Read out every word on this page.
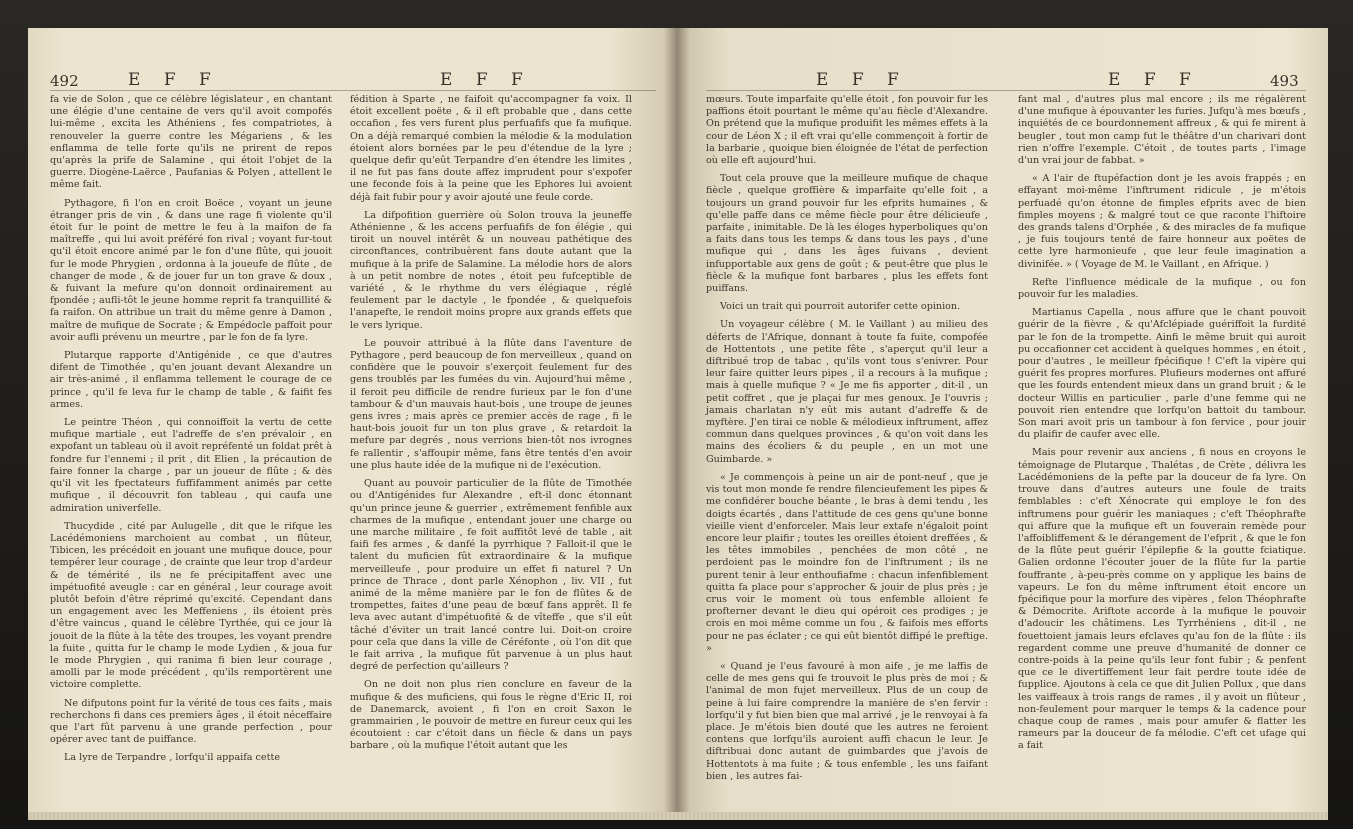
492	E F F	E F F

fa vie de Solon , que ce célèbre législateur , en chantant une élégie d'une centaine de vers qu'il avoit compofés lui-même , excita les Athéniens , fes compatriotes, à renouveler la guerre contre les Mégariens , & les enflamma de telle forte qu'ils ne prirent de repos qu'après la prife de Salamine , qui étoit l'objet de la guerre. Diogène-Laërce , Paufanias & Polyen , attellent le même fait.

Pythagore, fi l'on en croit Boëce , voyant un jeune étranger pris de vin , & dans une rage fi violente qu'il étoit fur le point de mettre le feu à la maifon de fa maîtreffe , qui lui avoit préféré fon rival ; voyant fur-tout qu'il étoit encore animé par le fon d'une flûte, qui jouoit fur le mode Phrygien , ordonna à la joueufe de flûte , de changer de mode , & de jouer fur un ton grave & doux , & fuivant la mefure qu'on donnoit ordinairement au fpondée ; aufli-tôt le jeune homme reprit fa tranquillité & fa raifon. On attribue un trait du même genre à Damon , maître de mufique de Socrate ; & Empédocle paffoit pour avoir aufli prévenu un meurtre , par le fon de fa lyre.

Plutarque rapporte d'Antigénide , ce que d'autres difent de Timothée , qu'en jouant devant Alexandre un air très-animé , il enflamma tellement le courage de ce prince , qu'il fe leva fur le champ de table , & faifit fes armes.

Le peintre Théon , qui connoiffoit la vertu de cette mufique martiale , eut l'adreffe de s'en prévaloir , en expofant un tableau où il avoit repréfenté un foldat prêt à fondre fur l'ennemi ; il prit , dit Elien , la précaution de faire fonner la charge , par un joueur de flûte ; & dès qu'il vit les fpectateurs fuffifamment animés par cette mufique , il découvrit fon tableau , qui caufa une admiration univerfelle.

Thucydide , cité par Aulugelle , dit que le rifque les Lacédémoniens marchoient au combat , un flûteur, Tibicen, les précédoit en jouant une mufique douce, pour tempérer leur courage , de crainte que leur trop d'ardeur & de témérité , ils ne fe précipitaffent avec une impétuofité aveugle : car en général , leur courage avoit plutôt befoin d'être réprimé qu'excité. Cependant dans un engagement avec les Meffeniens , ils étoient près d'être vaincus , quand le célèbre Tyrthée, qui ce jour là jouoit de la flûte à la tête des troupes, les voyant prendre la fuite , quitta fur le champ le mode Lydien , & joua fur le mode Phrygien , qui ranima fi bien leur courage , amolli par le mode précédent , qu'ils remportèrent une victoire complette.

Ne difputons point fur la vérité de tous ces faits , mais recherchons fi dans ces premiers âges , il étoit néceffaire que l'art fût parvenu à une grande perfection , pour opérer avec tant de puiffance.

La lyre de Terpandre , lorfqu'il appaifa cette

fédition à Sparte , ne faifoit qu'accompagner fa voix. Il étoit excellent poëte , & il eft probable que , dans cette occafion , fes vers furent plus perfuafifs que fa mufique. On a déjà remarqué combien la mélodie & la modulation étoient alors bornées par le peu d'étendue de la lyre ; quelque defir qu'eût Terpandre d'en étendre les limites , il ne fut pas fans doute affez imprudent pour s'expofer une feconde fois à la peine que les Ephores lui avoient déjà fait fubir pour y avoir ajouté une feule corde.

La difpofition guerrière où Solon trouva la jeuneffe Athénienne , & les accens perfuafifs de fon élégie , qui tiroit un nouvel intérêt & un nouveau pathétique des circonftances, contribuèrent fans doute autant que la mufique à la prife de Salamine. La mélodie hors de alors à un petit nombre de notes , étoit peu fufceptible de variété , & le rhythme du vers élégiaque , réglé feulement par le dactyle , le fpondée , & quelquefois l'anapefte, le rendoit moins propre aux grands effets que le vers lyrique.

Le pouvoir attribué à la flûte dans l'aventure de Pythagore , perd beaucoup de fon merveilleux , quand on confidère que le pouvoir s'exerçoit feulement fur des gens troublés par les fumées du vin. Aujourd'hui même , il feroit peu difficile de rendre furieux par le fon d'une tambour & d'un mauvais haut-bois , une troupe de jeunes gens ivres ; mais après ce premier accès de rage , fi le haut-bois jouoit fur un ton plus grave , & retardoit la mefure par degrés , nous verrions bien-tôt nos ivrognes fe rallentir , s'affoupir même, fans être tentés d'en avoir une plus haute idée de la mufique ni de l'exécution.

Quant au pouvoir particulier de la flûte de Timothée ou d'Antigénides fur Alexandre , eft-il donc étonnant qu'un prince jeune & guerrier , extrêmement fenfible aux charmes de la mufique , entendant jouer une charge ou une marche militaire , fe foit auffitôt levé de table , ait faifi fes armes , & danfé la pyrrhique ? Falloit-il que le talent du muficien fût extraordinaire & la mufique merveilleufe , pour produire un effet fi naturel ? Un prince de Thrace , dont parle Xénophon , liv. VII , fut animé de la même manière par le fon de flûtes & de trompettes, faites d'une peau de bœuf fans apprêt. Il fe leva avec autant d'impétuofité & de vîteffe , que s'il eût tâché d'éviter un trait lancé contre lui. Doit-on croire pour cela que dans la ville de Céréfonte , où l'on dit que le fait arriva , la mufique fût parvenue à un plus haut degré de perfection qu'ailleurs ?

On ne doit non plus rien conclure en faveur de la mufique & des muficiens, qui fous le règne d'Eric II, roi de Danemarck, avoient , fi l'on en croit Saxon le grammairien , le pouvoir de mettre en fureur ceux qui les écoutoient : car c'étoit dans un fiècle & dans un pays barbare , où la mufique l'étoit autant que les

E F F	E F F	493

mœurs. Toute imparfaite qu'elle étoit , fon pouvoir fur les paffions étoit pourtant le même qu'au fiècle d'Alexandre. On prétend que la mufique produifit les mêmes effets à la cour de Léon X ; il eft vrai qu'elle commençoit à fortir de la barbarie , quoique bien éloignée de l'état de perfection où elle eft aujourd'hui.

Tout cela prouve que la meilleure mufique de chaque fiècle , quelque groffière & imparfaite qu'elle foit , a toujours un grand pouvoir fur les efprits humaines , & qu'elle paffe dans ce même fiècle pour être délicieufe , parfaite , inimitable. De là les éloges hyperboliques qu'on a faits dans tous les temps & dans tous les pays , d'une mufique qui , dans les âges fuivans , devient infupportable aux gens de goût ; & peut-être que plus le fiècle & la mufique font barbares , plus les effets font puiffans.

Voici un trait qui pourroit autorifer cette opinion.

Un voyageur célèbre ( M. le Vaillant ) au milieu des déferts de l'Afrique, donnant à toute fa fuite, compofée de Hottentots , une petite fête , s'aperçut qu'il leur a diftribué trop de tabac , qu'ils vont tous s'enivrer. Pour leur faire quitter leurs pipes , il a recours à la mufique ; mais à quelle mufique ? « Je me fis apporter , dit-il , un petit coffret , que je plaçai fur mes genoux. Je l'ouvris ; jamais charlatan n'y eût mis autant d'adreffe & de myftère. J'en tirai ce noble & mélodieux inftrument, affez commun dans quelques provinces , & qu'on voit dans les mains des écoliers & du peuple , en un mot une Guimbarde. »

« Je commençois à peine un air de pont-neuf , que je vis tout mon monde fe rendre filencieufement les pipes & me confidérer bouche béante , le bras à demi tendu , les doigts écartés , dans l'attitude de ces gens qu'une bonne vieille vient d'enforceler. Mais leur extafe n'égaloit point encore leur plaifir ; toutes les oreilles étoient dreffées , & les têtes immobiles , penchées de mon côté , ne perdoient pas le moindre fon de l'inftrument ; ils ne purent tenir à leur enthoufiafme : chacun infenfiblement quitta fa place pour s'approcher & jouir de plus près ; je crus voir le moment où tous enfemble alloient fe profterner devant le dieu qui opéroit ces prodiges ; je crois en moi même comme un fou , & faifois mes efforts pour ne pas éclater ; ce qui eût bientôt diffipé le preftige. »

« Quand je l'eus favouré à mon aife , je me laffis de celle de mes gens qui fe trouvoit le plus près de moi ; & l'animal de mon fujet merveilleux. Plus de un coup de peine à lui faire comprendre la manière de s'en fervir : lorfqu'il y fut bien bien que mal arrivé , je le renvoyai à fa place. Je m'étois bien douté que les autres ne feroient contens que lorfqu'ils auroient auffi chacun le leur. Je diftribuai donc autant de guimbardes que j'avois de Hottentots à ma fuite ; & tous enfemble , les uns faifant bien , les autres fai-

fant mal , d'autres plus mal encore ; ils me régalèrent d'une mufique à épouvanter les furies. Jufqu'à mes bœufs , inquiétés de ce bourdonnement affreux , & qui fe mirent à beugler , tout mon camp fut le théâtre d'un charivari dont rien n'offre l'exemple. C'étoit , de toutes parts , l'image d'un vrai jour de fabbat. »

« A l'air de ftupéfaction dont je les avois frappés ; en effayant moi-même l'inftrument ridicule , je m'étois perfuadé qu'on étonne de fimples efprits avec de bien fimples moyens ; & malgré tout ce que raconte l'hiftoire des grands talens d'Orphée , & des miracles de fa mufique , je fuis toujours tenté de faire honneur aux poëtes de cette lyre harmonieufe , que leur feule imagination a divinifée. » ( Voyage de M. le Vaillant , en Afrique. )

Refte l'influence médicale de la mufique , ou fon pouvoir fur les maladies.

Martianus Capella , nous affure que le chant pouvoit guérir de la fièvre , & qu'Afclépiade guériffoit la furdité par le fon de la trompette. Ainfi le même bruit qui auroit pu occafionner cet accident à quelques hommes , en étoit , pour d'autres , le meilleur fpécifique ! C'eft la vipère qui guérit fes propres morfures. Plufieurs modernes ont affuré que les fourds entendent mieux dans un grand bruit ; & le docteur Willis en particulier , parle d'une femme qui ne pouvoit rien entendre que lorfqu'on battoit du tambour. Son mari avoit pris un tambour à fon fervice , pour jouir du plaifir de caufer avec elle.

Mais pour revenir aux anciens , fi nous en croyons le témoignage de Plutarque , Thalétas , de Crète , délivra les Lacédémoniens de la pefte par la douceur de fa lyre. On trouve dans d'autres auteurs une foule de traits femblables : c'eft Xénocrate qui employe le fon des inftrumens pour guérir les maniaques ; c'eft Théophrafte qui affure que la mufique eft un fouverain remède pour l'affoibliffement & le dérangement de l'efprit , & que le fon de la flûte peut guérir l'épilepfie & la goutte fciatique. Galien ordonne l'écouter jouer de la flûte fur la partie fouffrante , à-peu-près comme on y applique les bains de vapeurs. Le fon du même inftrument étoit encore un fpécifique pour la morfure des vipères , felon Théophrafte & Démocrite. Ariftote accorde à la mufique le pouvoir d'adoucir les châtimens. Les Tyrrhéniens , dit-il , ne fouettoient jamais leurs efclaves qu'au fon de la flûte : ils regardent comme une preuve d'humanité de donner ce contre-poids à la peine qu'ils leur font fubir ; & penfent que ce le divertiffement leur fait perdre toute idée de fupplice. Ajoutons à cela ce que dit Julien Pollux , que dans les vaiffeaux à trois rangs de rames , il y avoit un flûteur , non-feulement pour marquer le temps & la cadence pour chaque coup de rames , mais pour amufer & flatter les rameurs par la douceur de fa mélodie. C'eft cet ufage qui a fait
